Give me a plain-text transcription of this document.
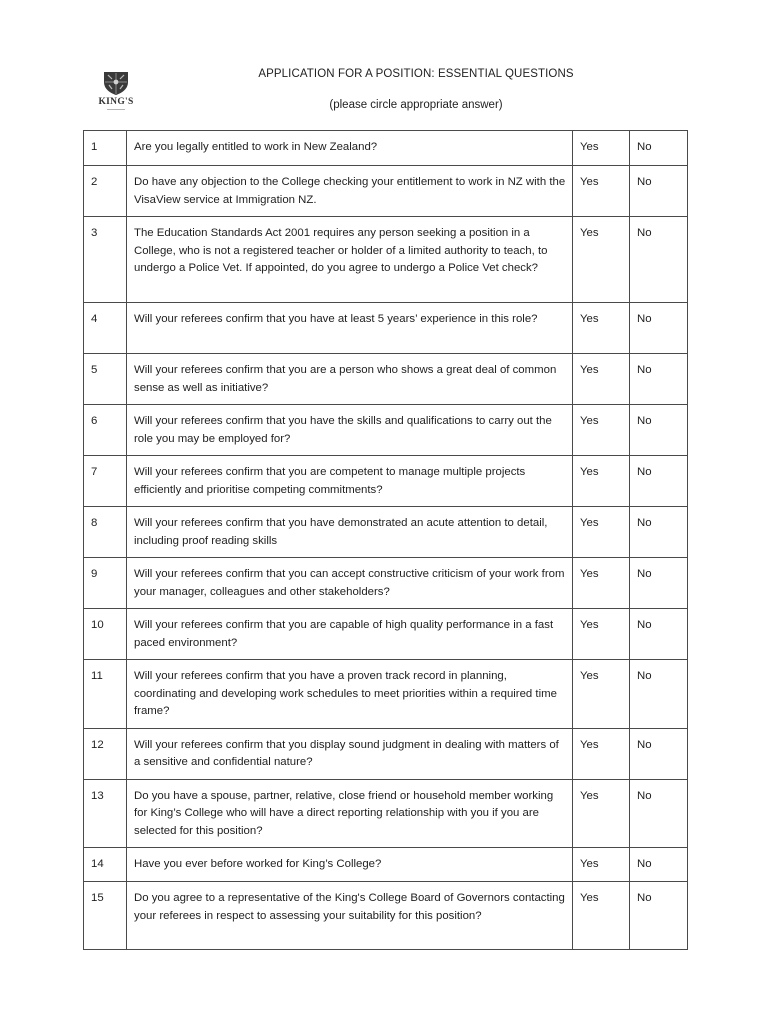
KING'S
APPLICATION FOR A POSITION: ESSENTIAL QUESTIONS
(please circle appropriate answer)
1	Are you legally entitled to work in New Zealand?	Yes	No
2	Do have any objection to the College checking your entitlement to work in NZ with the VisaView service at Immigration NZ.	Yes	No
3	The Education Standards Act 2001 requires any person seeking a position in a College, who is not a registered teacher or holder of a limited authority to teach, to undergo a Police Vet. If appointed, do you agree to undergo a Police Vet check?	Yes	No
4	Will your referees confirm that you have at least 5 years’ experience in this role?	Yes	No
5	Will your referees confirm that you are a person who shows a great deal of common sense as well as initiative?	Yes	No
6	Will your referees confirm that you have the skills and qualifications to carry out the role you may be employed for?	Yes	No
7	Will your referees confirm that you are competent to manage multiple projects efficiently and prioritise competing commitments?	Yes	No
8	Will your referees confirm that you have demonstrated an acute attention to detail, including proof reading skills	Yes	No
9	Will your referees confirm that you can accept constructive criticism of your work from your manager, colleagues and other stakeholders?	Yes	No
10	Will your referees confirm that you are capable of high quality performance in a fast paced environment?	Yes	No
11	Will your referees confirm that you have a proven track record in planning, coordinating and developing work schedules to meet priorities within a required time frame?	Yes	No
12	Will your referees confirm that you display sound judgment in dealing with matters of a sensitive and confidential nature?	Yes	No
13	Do you have a spouse, partner, relative, close friend or household member working for King’s College who will have a direct reporting relationship with you if you are selected for this position?	Yes	No
14	Have you ever before worked for King’s College?	Yes	No
15	Do you agree to a representative of the King's College Board of Governors contacting your referees in respect to assessing your suitability for this position?	Yes	No
